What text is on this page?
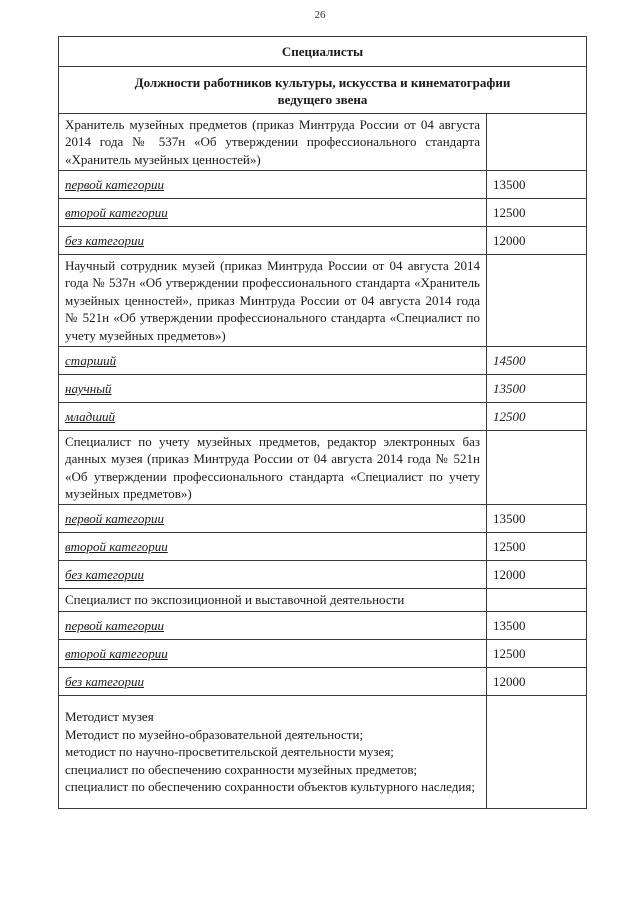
26
Специалисты	

Должности работников культуры, искусства и кинематографии
ведущего звена	

Хранитель музейных предметов (приказ Минтруда России от 04 августа 2014 года № 537н «Об утверждении профессионального стандарта «Хранитель музейных ценностей»)	
первой категории	13500
второй категории	12500
без категории	12000
Научный сотрудник музей (приказ Минтруда России от 04 августа 2014 года № 537н «Об утверждении профессионального стандарта «Хранитель музейных ценностей», приказ Минтруда России от 04 августа 2014 года № 521н «Об утверждении профессионального стандарта «Специалист по учету музейных предметов»)	
старший	14500
научный	13500
младший	12500
Специалист по учету музейных предметов, редактор электронных баз данных музея (приказ Минтруда России от 04 августа 2014 года № 521н «Об утверждении профессионального стандарта «Специалист по учету музейных предметов»)	
первой категории	13500
второй категории	12500
без категории	12000
Специалист по экспозиционной и выставочной деятельности	
первой категории	13500
второй категории	12500
без категории	12000

Методист музея
Методист по музейно-образовательной деятельности;
методист по научно-просветительской деятельности музея;
специалист по обеспечению сохранности музейных предметов;
специалист по обеспечению сохранности объектов культурного наследия;	
